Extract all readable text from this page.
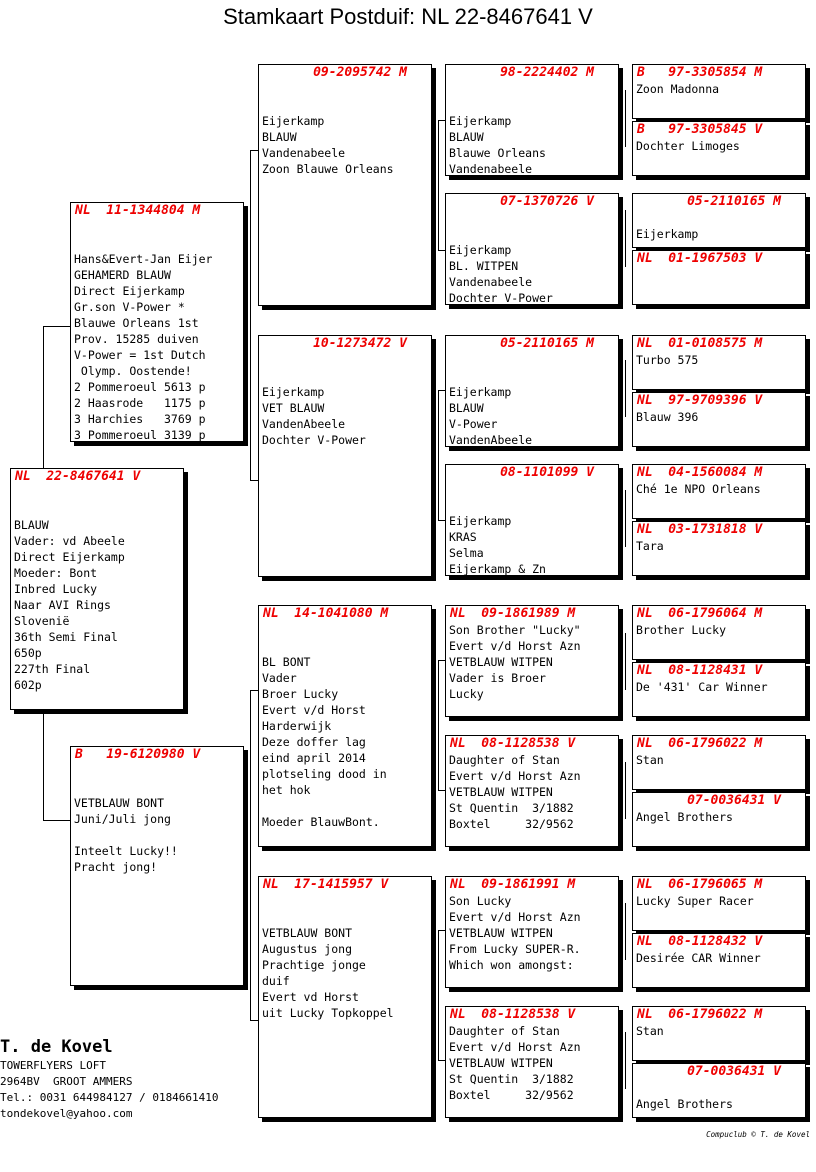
Stamkaart Postduif: NL 22-8467641 V
NL  22-8467641 V
BLAUW
Vader: vd Abeele
Direct Eijerkamp
Moeder: Bont
Inbred Lucky
Naar AVI Rings
Slovenië
36th Semi Final
650p
227th Final
602p
NL  11-1344804 M
Hans&Evert-Jan Eijer
GEHAMERD BLAUW
Direct Eijerkamp
Gr.son V-Power *
Blauwe Orleans 1st
Prov. 15285 duiven
V-Power = 1st Dutch
Olymp. Oostende!
2 Pommeroeul 5613 p
2 Haasrode   1175 p
3 Harchies   3769 p
3 Pommeroeul 3139 p
B   19-6120980 V
VETBLAUW BONT
Juni/Juli jong
Inteelt Lucky!!
Pracht jong!
09-2095742 M
Eijerkamp
BLAUW
Vandenabeele
Zoon Blauwe Orleans
10-1273472 V
Eijerkamp
VET BLAUW
VandenAbeele
Dochter V-Power
NL  14-1041080 M
BL BONT
Vader
Broer Lucky
Evert v/d Horst
Harderwijk
Deze doffer lag
eind april 2014
plotseling dood in
het hok
Moeder BlauwBont.
NL  17-1415957 V
VETBLAUW BONT
Augustus jong
Prachtige jonge
duif
Evert vd Horst
uit Lucky Topkoppel
98-2224402 M
Eijerkamp
BLAUW
Blauwe Orleans
Vandenabeele
07-1370726 V
Eijerkamp
BL. WITPEN
Vandenabeele
Dochter V-Power
05-2110165 M
Eijerkamp
BLAUW
V-Power
VandenAbeele
08-1101099 V
Eijerkamp
KRAS
Selma
Eijerkamp & Zn
NL  09-1861989 M
Son Brother "Lucky"
Evert v/d Horst Azn
VETBLAUW WITPEN
Vader is Broer
Lucky
NL  08-1128538 V
Daughter of Stan
Evert v/d Horst Azn
VETBLAUW WITPEN
St Quentin  3/1882
Boxtel     32/9562
NL  09-1861991 M
Son Lucky
Evert v/d Horst Azn
VETBLAUW WITPEN
From Lucky SUPER-R.
Which won amongst:
NL  08-1128538 V
Daughter of Stan
Evert v/d Horst Azn
VETBLAUW WITPEN
St Quentin  3/1882
Boxtel     32/9562
B   97-3305854 M
Zoon Madonna
B   97-3305845 V
Dochter Limoges
05-2110165 M
Eijerkamp
NL  01-1967503 V
NL  01-0108575 M
Turbo 575
NL  97-9709396 V
Blauw 396
NL  04-1560084 M
Ché 1e NPO Orleans
NL  03-1731818 V
Tara
NL  06-1796064 M
Brother Lucky
NL  08-1128431 V
De '431' Car Winner
NL  06-1796022 M
Stan
07-0036431 V
Angel Brothers
NL  06-1796065 M
Lucky Super Racer
NL  08-1128432 V
Desirée CAR Winner
NL  06-1796022 M
Stan
07-0036431 V
Angel Brothers
T. de Kovel
TOWERFLYERS LOFT
2964BV  GROOT AMMERS
Tel.: 0031 644984127 / 0184661410
tondekovel@yahoo.com
Compuclub © T. de Kovel
